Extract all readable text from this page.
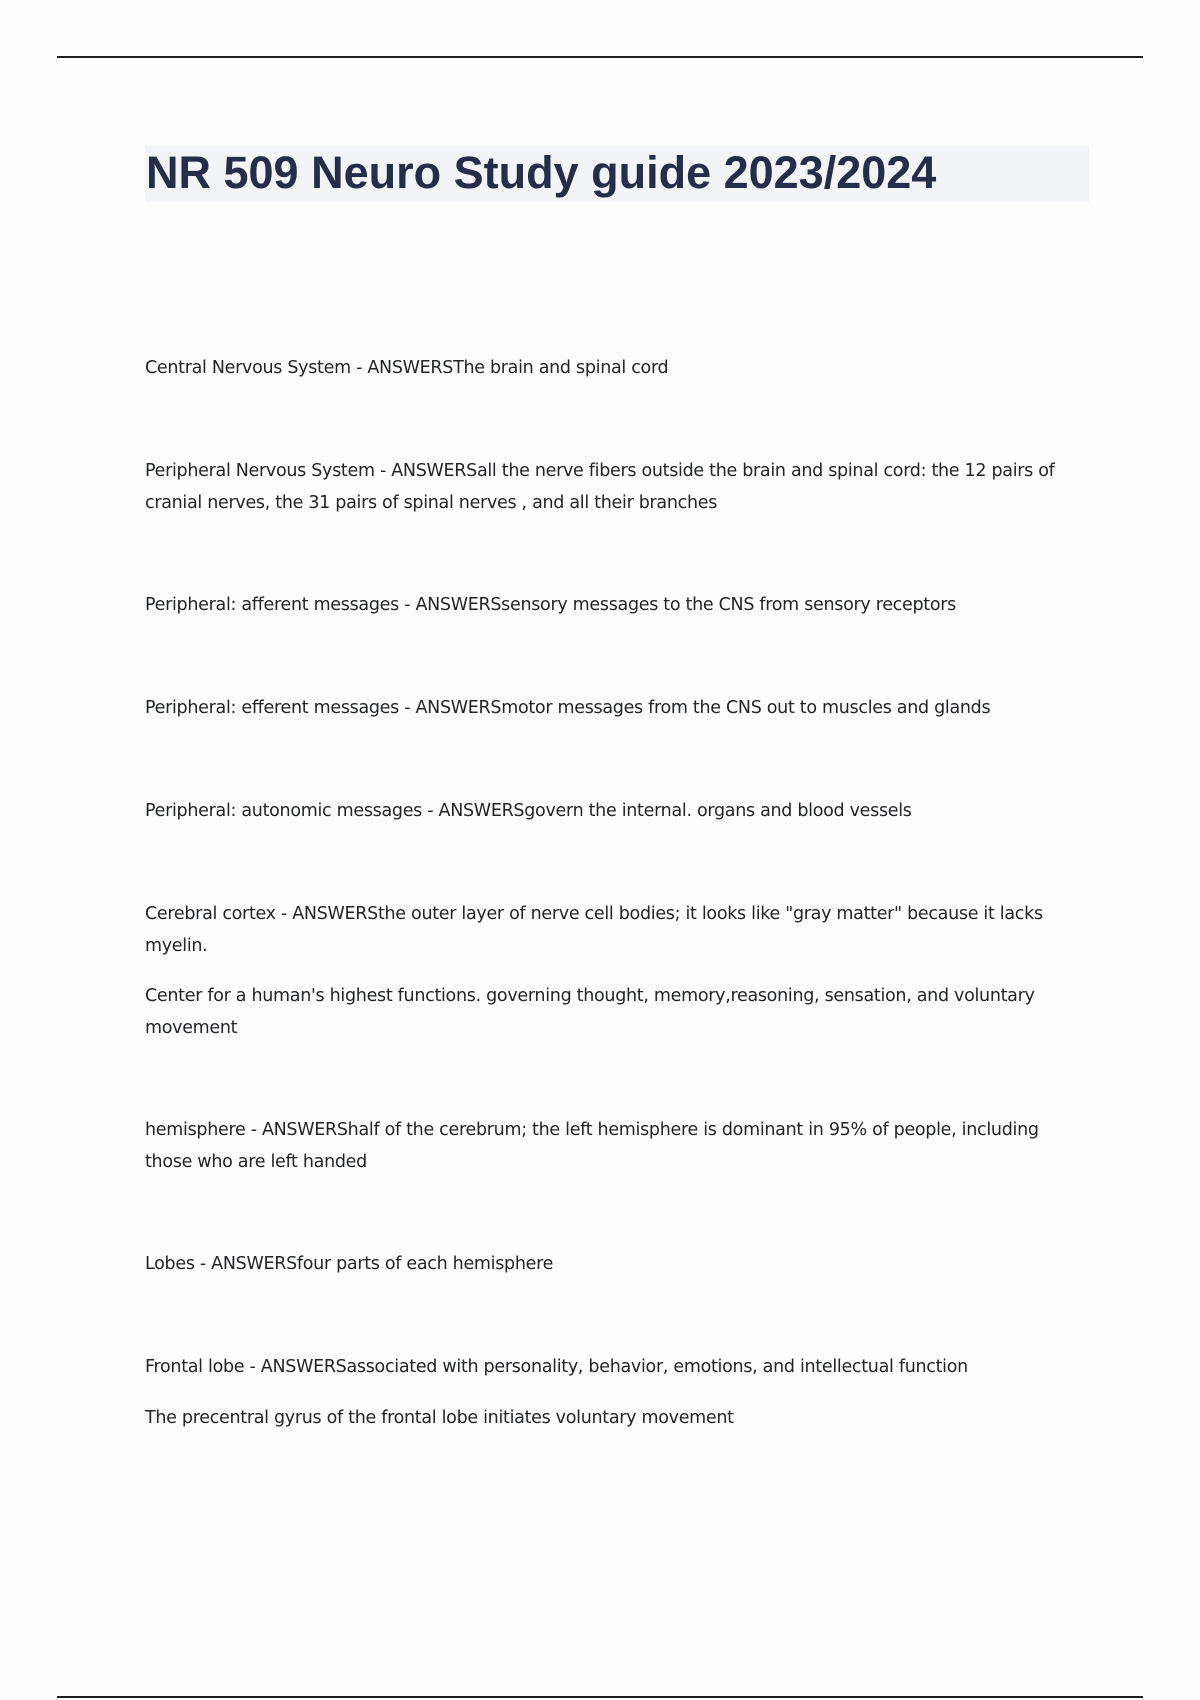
NR 509 Neuro Study guide 2023/2024

Central Nervous System - ANSWERSThe brain and spinal cord

Peripheral Nervous System - ANSWERSall the nerve fibers outside the brain and spinal cord: the 12 pairs of cranial nerves, the 31 pairs of spinal nerves , and all their branches

Peripheral: afferent messages - ANSWERSsensory messages to the CNS from sensory receptors

Peripheral: efferent messages - ANSWERSmotor messages from the CNS out to muscles and glands

Peripheral: autonomic messages - ANSWERSgovern the internal. organs and blood vessels

Cerebral cortex - ANSWERSthe outer layer of nerve cell bodies; it looks like "gray matter" because it lacks myelin.

Center for a human's highest functions. governing thought, memory,reasoning, sensation, and voluntary movement

hemisphere - ANSWERShalf of the cerebrum; the left hemisphere is dominant in 95% of people, including those who are left handed

Lobes - ANSWERSfour parts of each hemisphere

Frontal lobe - ANSWERSassociated with personality, behavior, emotions, and intellectual function

The precentral gyrus of the frontal lobe initiates voluntary movement
